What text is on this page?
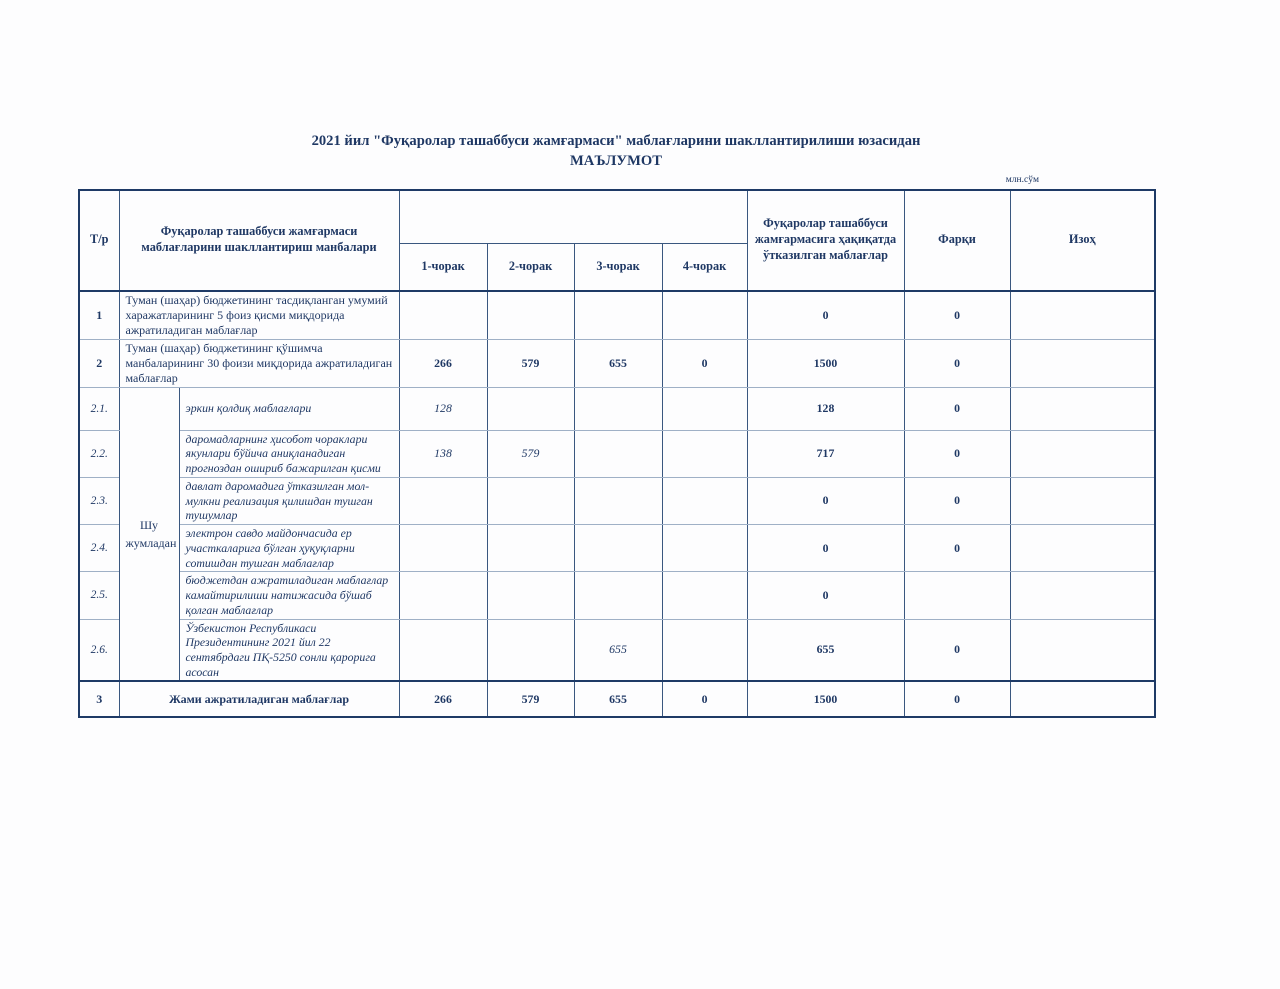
2021 йил "Фуқаролар ташаббуси жамғармаси" маблағларини шакллантирилиши юзасидан
МАЪЛУМОТ
млн.сўм
Т/р	Фуқаролар ташаббуси жамғармаси маблағларини шакллантириш манбалари						Фуқаролар ташаббуси жамғармасига ҳақиқатда ўтказилган маблағлар	Фарқи	Изоҳ
			1-чорак	2-чорак	3-чорак	4-чорак			
1	Туман (шаҳар) бюджетининг тасдиқланган умумий харажатларининг 5 фоиз қисми миқдорида ажратиладиган маблағлар						0	0	
2	Туман (шаҳар) бюджетининг қўшимча манбаларининг 30 фоизи миқдорида ажратиладиган маблағлар		266	579	655	0	1500	0	
2.1.	Шу жумладан	эркин қолдиқ маблағлари	128				128	0	
2.2.		даромадларнинг ҳисобот чораклари якунлари бўйича аниқланадиган прогноздан ошириб бажарилган қисми	138	579			717	0	
2.3.		давлат даромадига ўтказилган мол-мулкни реализация қилишдан тушган тушумлар					0	0	
2.4.		электрон савдо майдончасида ер участкаларига бўлган ҳуқуқларни сотишдан тушган маблағлар					0	0	
2.5.		бюджетдан ажратиладиган маблағлар камайтирилиши натижасида бўшаб қолган маблағлар					0		
2.6.		Ўзбекистон Республикаси Президентининг 2021 йил 22 сентябрдаги ПҚ-5250 сонли қарорига асосан			655		655	0	
3	Жами ажратиладиган маблағлар		266	579	655	0	1500	0	
